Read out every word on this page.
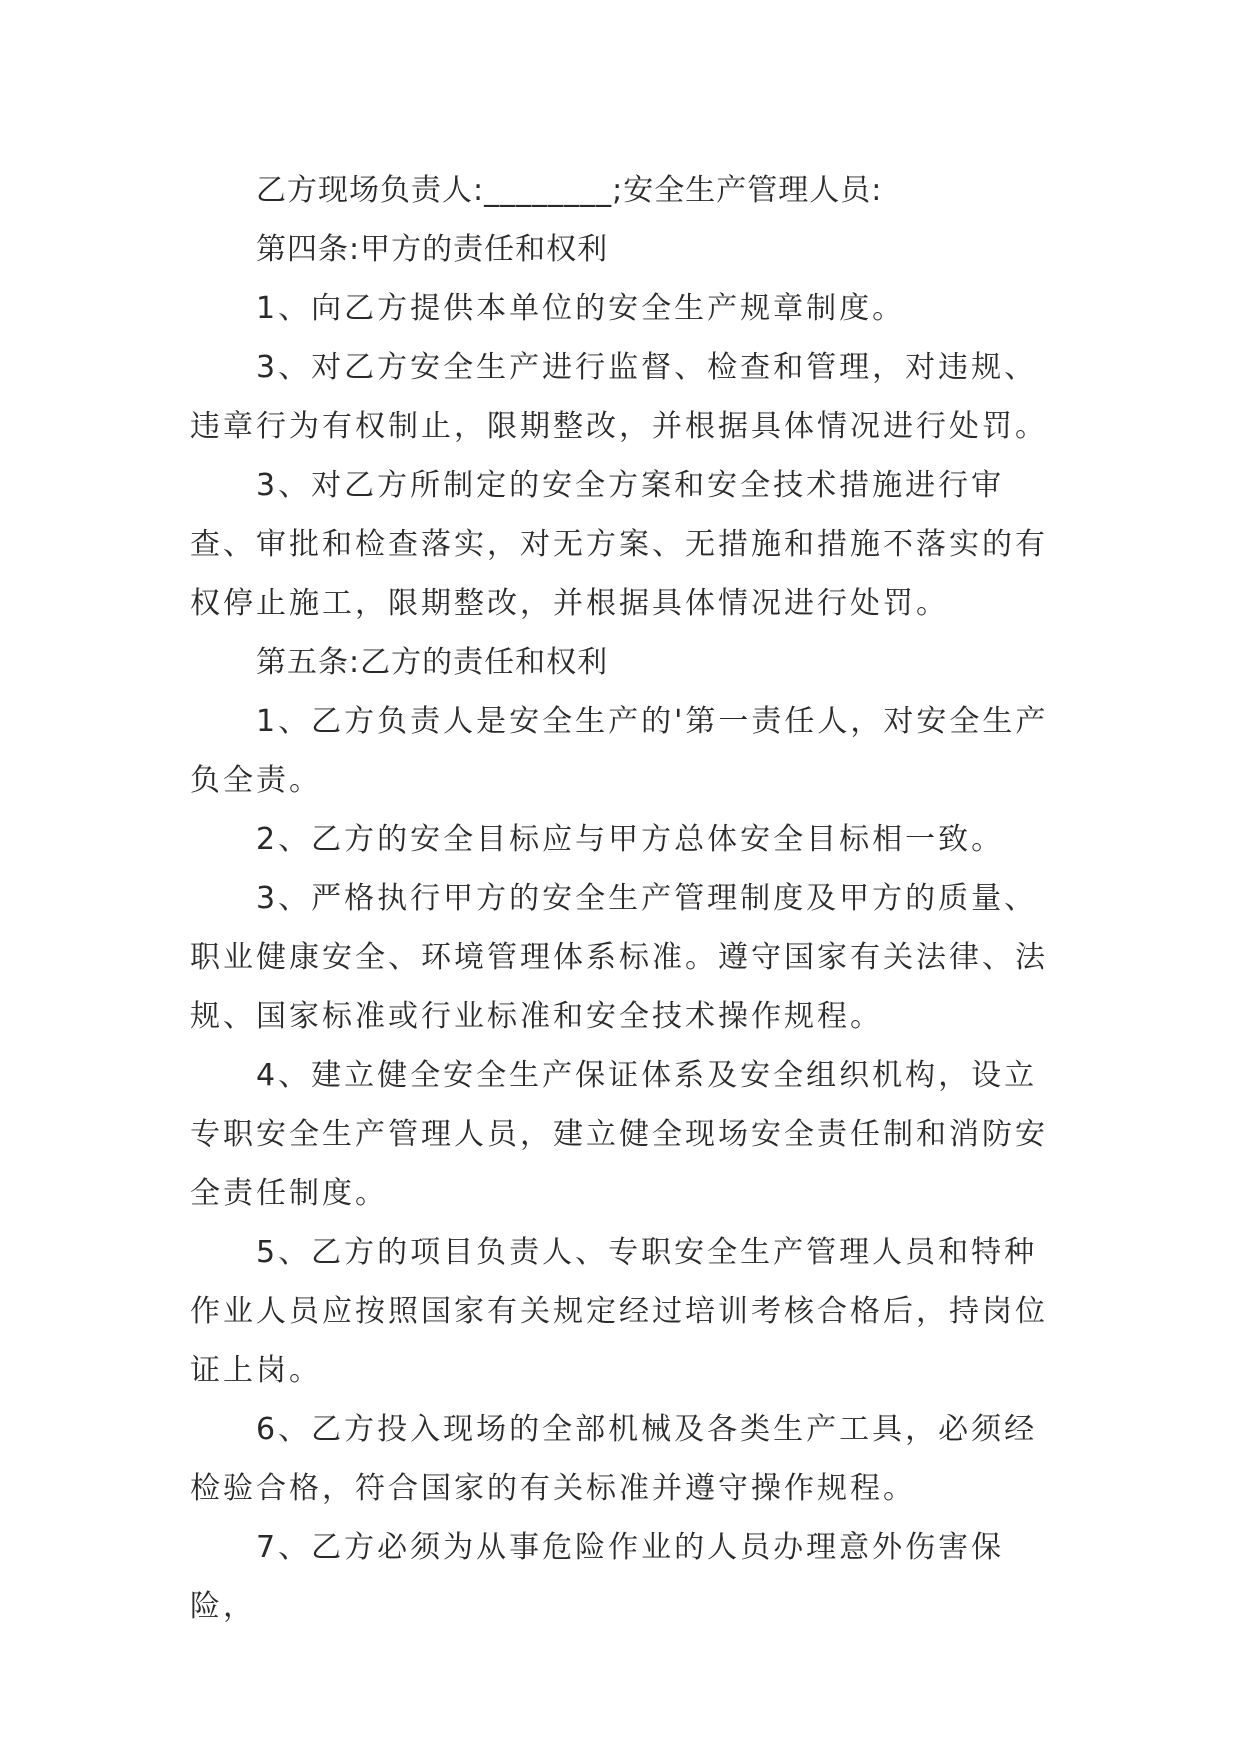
乙方现场负责人:________;安全生产管理人员:

第四条:甲方的责任和权利

1、向乙方提供本单位的安全生产规章制度。

3、对乙方安全生产进行监督、检查和管理，对违规、违章行为有权制止，限期整改，并根据具体情况进行处罚。

3、对乙方所制定的安全方案和安全技术措施进行审查、审批和检查落实，对无方案、无措施和措施不落实的有权停止施工，限期整改，并根据具体情况进行处罚。

第五条:乙方的责任和权利

1、乙方负责人是安全生产的'第一责任人，对安全生产负全责。

2、乙方的安全目标应与甲方总体安全目标相一致。

3、严格执行甲方的安全生产管理制度及甲方的质量、职业健康安全、环境管理体系标准。遵守国家有关法律、法规、国家标准或行业标准和安全技术操作规程。

4、建立健全安全生产保证体系及安全组织机构，设立专职安全生产管理人员，建立健全现场安全责任制和消防安全责任制度。

5、乙方的项目负责人、专职安全生产管理人员和特种作业人员应按照国家有关规定经过培训考核合格后，持岗位证上岗。

6、乙方投入现场的全部机械及各类生产工具，必须经检验合格，符合国家的有关标准并遵守操作规程。

7、乙方必须为从事危险作业的人员办理意外伤害保险，
